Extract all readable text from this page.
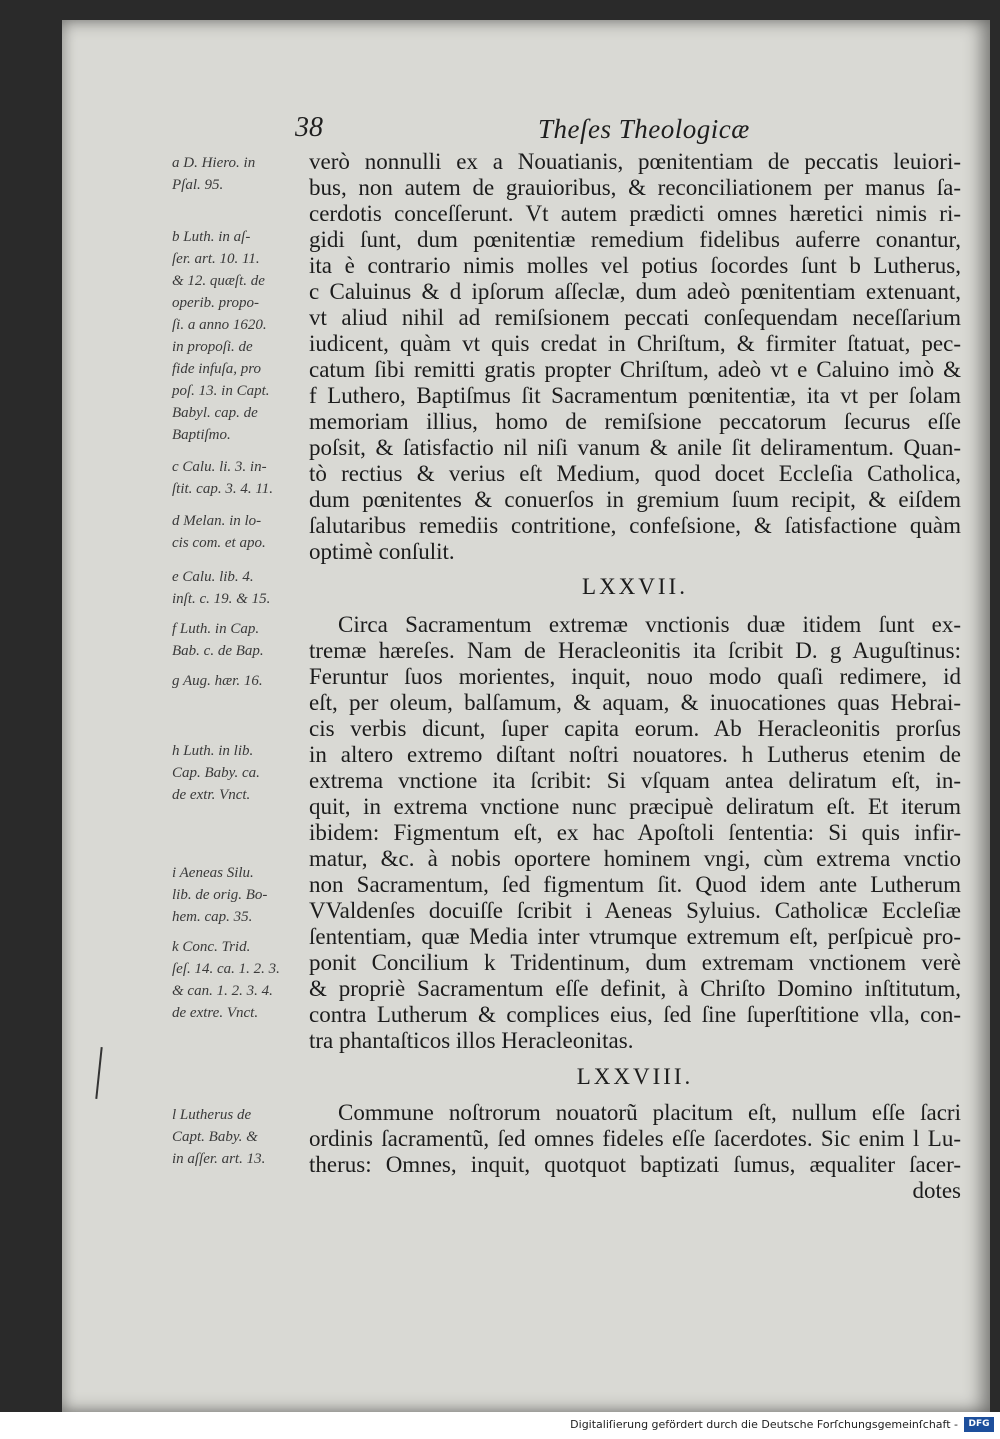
38	Theſes Theologicæ
a D. Hiero. in
Pſal. 95.
b Luth. in aſ-
ſer. art. 10. 11.
& 12. quæſt. de
operib. propo-
ſi. a anno 1620.
in propoſi. de
fide infuſa, pro
poſ. 13. in Capt.
Babyl. cap. de
Baptiſmo.
c Calu. li. 3. in-
ſtit. cap. 3. 4. 11.
d Melan. in lo-
cis com. et apo.
e Calu. lib. 4.
inſt. c. 19. & 15.
f Luth. in Cap.
Bab. c. de Bap.
g Aug. hær. 16.
h Luth. in lib.
Cap. Baby. ca.
de extr. Vnct.
i Aeneas Silu.
lib. de orig. Bo-
hem. cap. 35.
k Conc. Trid.
ſeſ. 14. ca. 1. 2. 3.
& can. 1. 2. 3. 4.
de extre. Vnct.
l Lutherus de
Capt. Baby. &
in aſſer. art. 13.
verò nonnulli ex a Nouatianis, pœnitentiam de peccatis leuiori-
bus, non autem de grauioribus, & reconciliationem per manus ſa-
cerdotis conceſſerunt. Vt autem prædicti omnes hæretici nimis ri-
gidi ſunt, dum pœnitentiæ remedium fidelibus auferre conantur,
ita è contrario nimis molles vel potius ſocordes ſunt b Lutherus,
c Caluinus & d ipſorum aſſeclæ, dum adeò pœnitentiam extenuant,
vt aliud nihil ad remiſsionem peccati conſequendam neceſſarium
iudicent, quàm vt quis credat in Chriſtum, & firmiter ſtatuat, pec-
catum ſibi remitti gratis propter Chriſtum, adeò vt e Caluino imò &
f Luthero, Baptiſmus ſit Sacramentum pœnitentiæ, ita vt per ſolam
memoriam illius, homo de remiſsione peccatorum ſecurus eſſe
poſsit, & ſatisfactio nil niſi vanum & anile ſit deliramentum. Quan-
tò rectius & verius eſt Medium, quod docet Eccleſia Catholica,
dum pœnitentes & conuerſos in gremium ſuum recipit, & eiſdem
ſalutaribus remediis contritione, confeſsione, & ſatisfactione quàm
optimè conſulit.
LXXVII.
Circa Sacramentum extremæ vnctionis duæ itidem ſunt ex-
tremæ hæreſes. Nam de Heracleonitis ita ſcribit D. g Auguſtinus:
Feruntur ſuos morientes, inquit, nouo modo quaſi redimere, id
eſt, per oleum, balſamum, & aquam, & inuocationes quas Hebrai-
cis verbis dicunt, ſuper capita eorum. Ab Heracleonitis prorſus
in altero extremo diſtant noſtri nouatores. h Lutherus etenim de
extrema vnctione ita ſcribit: Si vſquam antea deliratum eſt, in-
quit, in extrema vnctione nunc præcipuè deliratum eſt. Et iterum
ibidem: Figmentum eſt, ex hac Apoſtoli ſententia: Si quis infir-
matur, &c. à nobis oportere hominem vngi, cùm extrema vnctio
non Sacramentum, ſed figmentum ſit. Quod idem ante Lutherum
VValdenſes docuiſſe ſcribit i Aeneas Syluius. Catholicæ Eccleſiæ
ſententiam, quæ Media inter vtrumque extremum eſt, perſpicuè pro-
ponit Concilium k Tridentinum, dum extremam vnctionem verè
& propriè Sacramentum eſſe definit, à Chriſto Domino inſtitutum,
contra Lutherum & complices eius, ſed ſine ſuperſtitione vlla, con-
tra phantaſticos illos Heracleonitas.
LXXVIII.
Commune noſtrorum nouatorũ placitum eſt, nullum eſſe ſacri
ordinis ſacramentũ, ſed omnes fideles eſſe ſacerdotes. Sic enim l Lu-
therus: Omnes, inquit, quotquot baptizati ſumus, æqualiter ſacer-
dotes
Digitaliſierung gefördert durch die Deutsche Forſchungsgemeinſchaft -	DFG
